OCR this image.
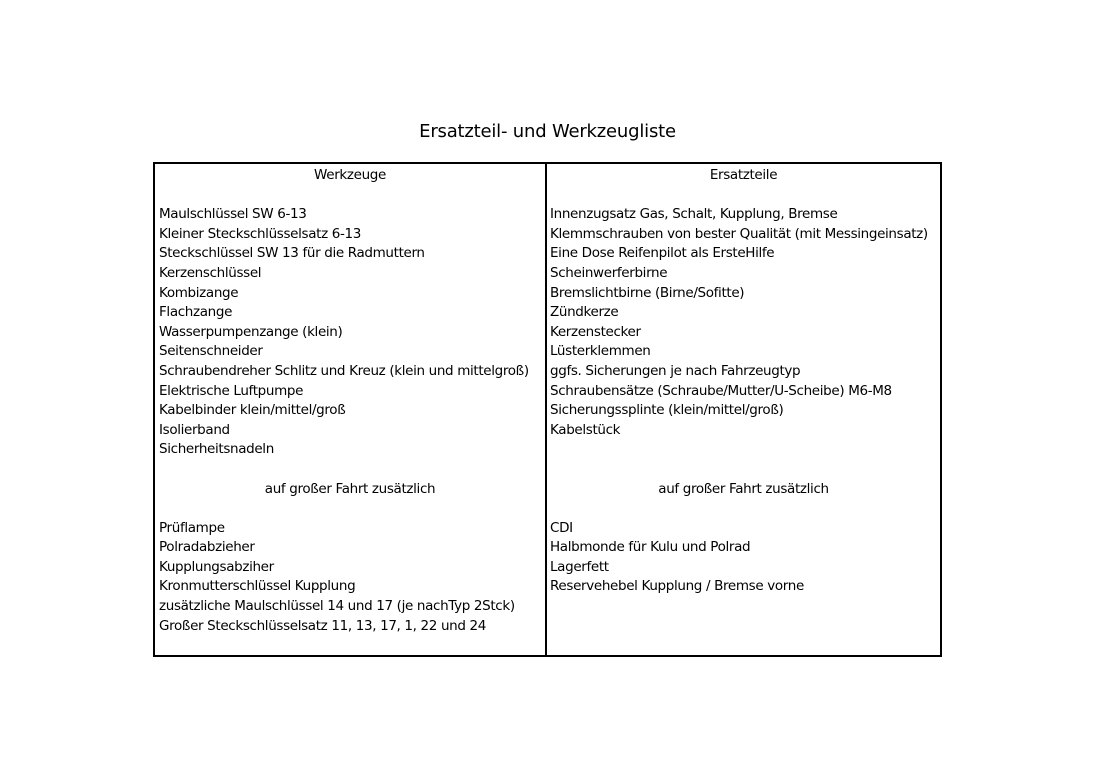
Ersatzteil- und Werkzeugliste
Werkzeuge
Maulschlüssel SW 6-13
Kleiner Steckschlüsselsatz 6-13
Steckschlüssel SW 13 für die Radmuttern
Kerzenschlüssel
Kombizange
Flachzange
Wasserpumpenzange (klein)
Seitenschneider
Schraubendreher Schlitz und Kreuz (klein und mittelgroß)
Elektrische Luftpumpe
Kabelbinder klein/mittel/groß
Isolierband
Sicherheitsnadeln
auf großer Fahrt zusätzlich
Prüflampe
Polradabzieher
Kupplungsabziher
Kronmutterschlüssel Kupplung
zusätzliche Maulschlüssel 14 und 17 (je nachTyp 2Stck)
Großer Steckschlüsselsatz 11, 13, 17, 1, 22 und 24
Ersatzteile
Innenzugsatz Gas, Schalt, Kupplung, Bremse
Klemmschrauben von bester Qualität (mit Messingeinsatz)
Eine Dose Reifenpilot als ErsteHilfe
Scheinwerferbirne
Bremslichtbirne (Birne/Sofitte)
Zündkerze
Kerzenstecker
Lüsterklemmen
ggfs. Sicherungen je nach Fahrzeugtyp
Schraubensätze (Schraube/Mutter/U-Scheibe) M6-M8
Sicherungssplinte (klein/mittel/groß)
Kabelstück

auf großer Fahrt zusätzlich
CDI
Halbmonde für Kulu und Polrad
Lagerfett
Reservehebel Kupplung / Bremse vorne
